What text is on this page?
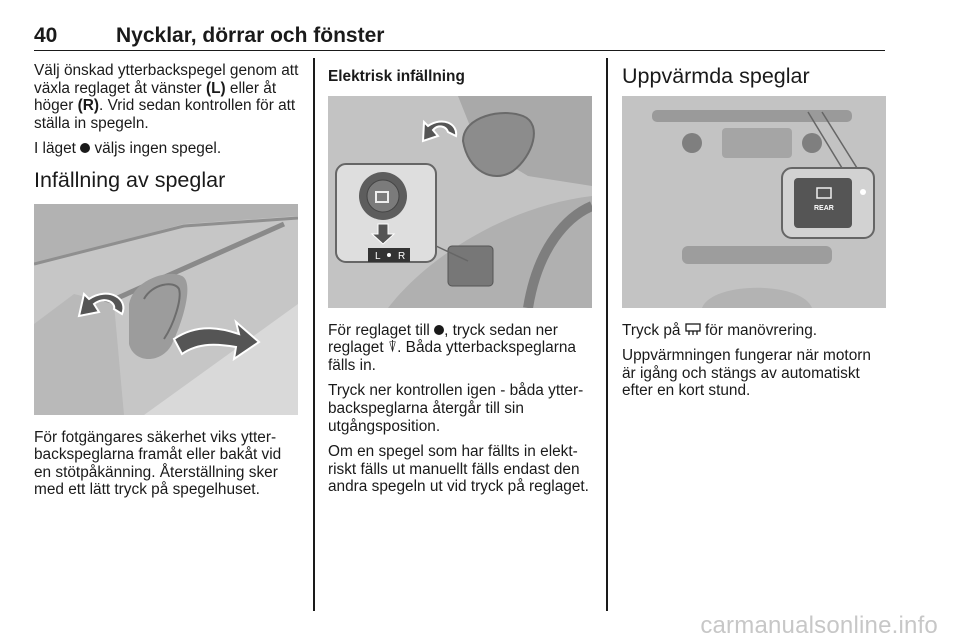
40	Nycklar, dörrar och fönster

Välj önskad ytterbackspegel genom att växla reglaget åt vänster (L) eller åt höger (R). Vrid sedan kontrollen för att ställa in spegeln.

I läget  väljs ingen spegel.

Infällning av speglar

För fotgängares säkerhet viks ytter- backspeglarna framåt eller bakåt vid en stötpåkänning. Återställning sker med ett lätt tryck på spegelhuset.

Elektrisk infällning
L R

För reglaget till , tryck sedan ner reglaget ⍒. Båda ytterbackspeglarna fälls in.

Tryck ner kontrollen igen - båda ytter- backspeglarna återgår till sin utgångsposition.

Om en spegel som har fällts in elekt- riskt fälls ut manuellt fälls endast den andra spegeln ut vid tryck på reglaget.

Uppvärmda speglar
REAR

Tryck på  för manövrering.

Uppvärmningen fungerar när motorn är igång och stängs av automatiskt efter en kort stund.

carmanualsonline.info
